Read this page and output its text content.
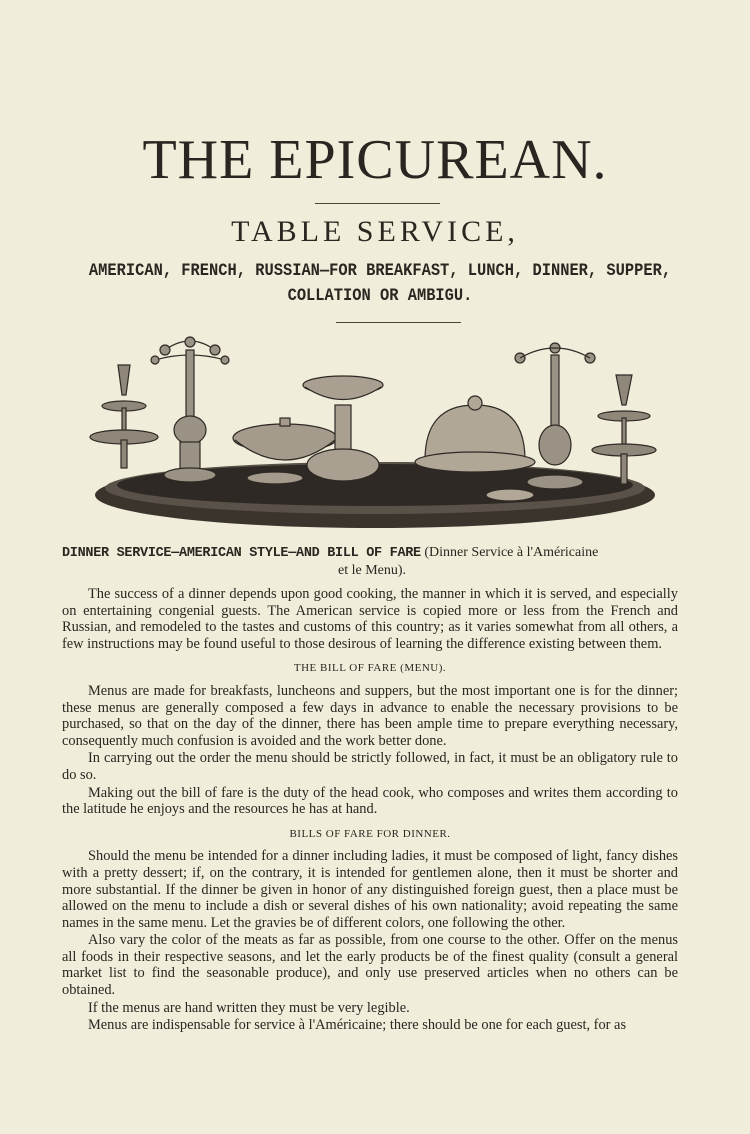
THE EPICUREAN.
TABLE SERVICE,
AMERICAN, FRENCH, RUSSIAN—FOR BREAKFAST, LUNCH, DINNER, SUPPER, COLLATION OR AMBIGU.
DINNER SERVICE—AMERICAN STYLE—AND BILL OF FARE (Dinner Service à l'Américaine
et le Menu).

The success of a dinner depends upon good cooking, the manner in which it is served, and especially on entertaining congenial guests. The American service is copied more or less from the French and Russian, and remodeled to the tastes and customs of this country; as it varies somewhat from all others, a few instructions may be found useful to those desirous of learning the difference existing between them.

THE BILL OF FARE (MENU).

Menus are made for breakfasts, luncheons and suppers, but the most important one is for the dinner; these menus are generally composed a few days in advance to enable the necessary provisions to be purchased, so that on the day of the dinner, there has been ample time to prepare everything necessary, consequently much confusion is avoided and the work better done.

In carrying out the order the menu should be strictly followed, in fact, it must be an obligatory rule to do so.

Making out the bill of fare is the duty of the head cook, who composes and writes them according to the latitude he enjoys and the resources he has at hand.

BILLS OF FARE FOR DINNER.

Should the menu be intended for a dinner including ladies, it must be composed of light, fancy dishes with a pretty dessert; if, on the contrary, it is intended for gentlemen alone, then it must be shorter and more substantial. If the dinner be given in honor of any distinguished foreign guest, then a place must be allowed on the menu to include a dish or several dishes of his own nationality; avoid repeating the same names in the same menu. Let the gravies be of different colors, one following the other.

Also vary the color of the meats as far as possible, from one course to the other. Offer on the menus all foods in their respective seasons, and let the early products be of the finest quality (consult a general market list to find the seasonable produce), and only use preserved articles when no others can be obtained.

If the menus are hand written they must be very legible.

Menus are indispensable for service à l'Américaine; there should be one for each guest, for as
